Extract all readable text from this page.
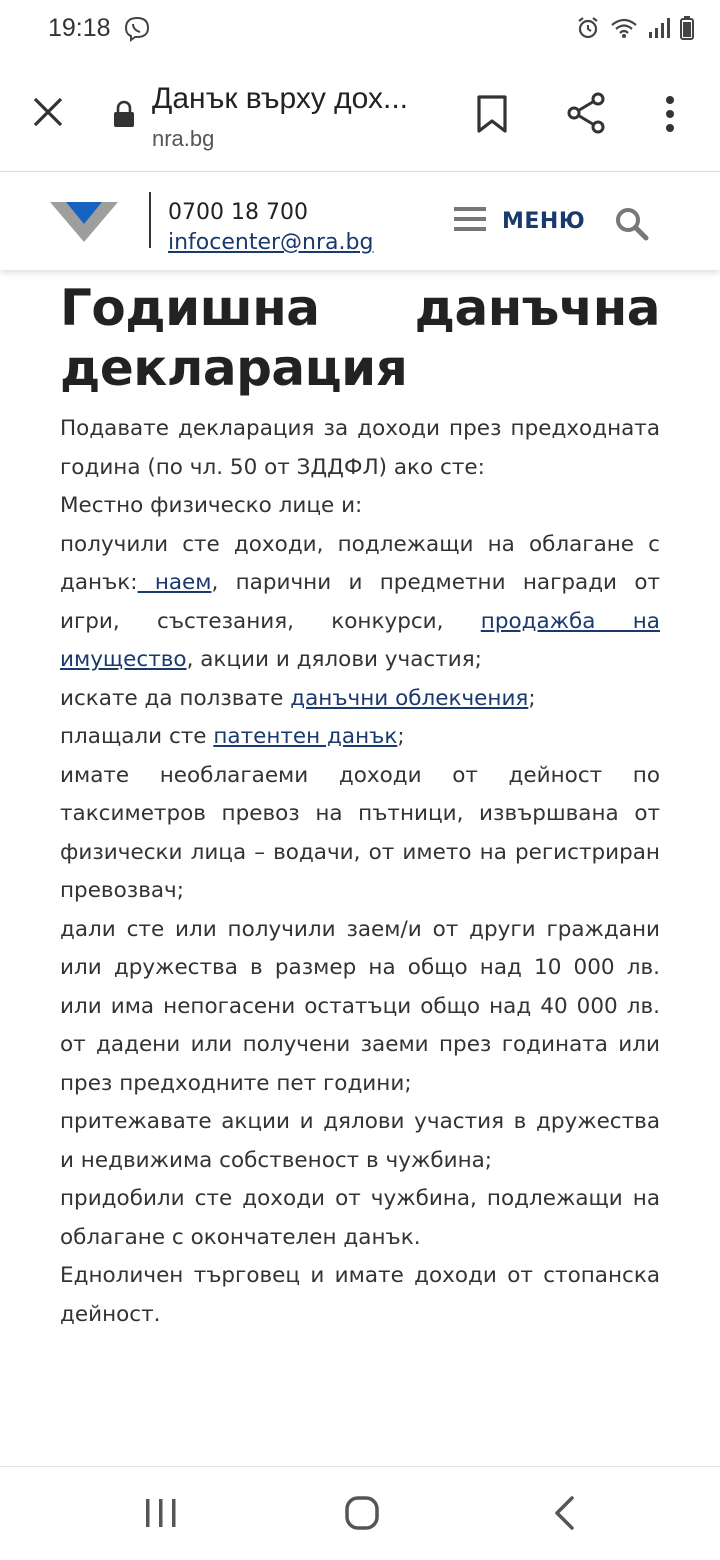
19:18
Данък върху дох...
nra.bg
0700 18 700
infocenter@nra.bg
МЕНЮ
Годишна данъчна декларация

Подавате декларация за доходи през предходната година (по чл. 50 от ЗДДФЛ) ако сте:

Местно физическо лице и:
получили сте доходи, подлежащи на облагане с данък: наем, парични и предметни награди от игри, състезания, конкурси, продажба на имущество, акции и дялови участия;
искате да ползвате данъчни облекчения;
плащали сте патентен данък;
имате необлагаеми доходи от дейност по таксиметров превоз на пътници, извършвана от физически лица – водачи, от името на регистриран превозвач;
дали сте или получили заем/и от други граждани или дружества в размер на общо над 10 000 лв. или има непогасени остатъци общо над 40 000 лв. от дадени или получени заеми през годината или през предходните пет години;
притежавате акции и дялови участия в дружества и недвижима собственост в чужбина;
придобили сте доходи от чужбина, подлежащи на облагане с окончателен данък.
Едноличен търговец и имате доходи от стопанска дейност.
